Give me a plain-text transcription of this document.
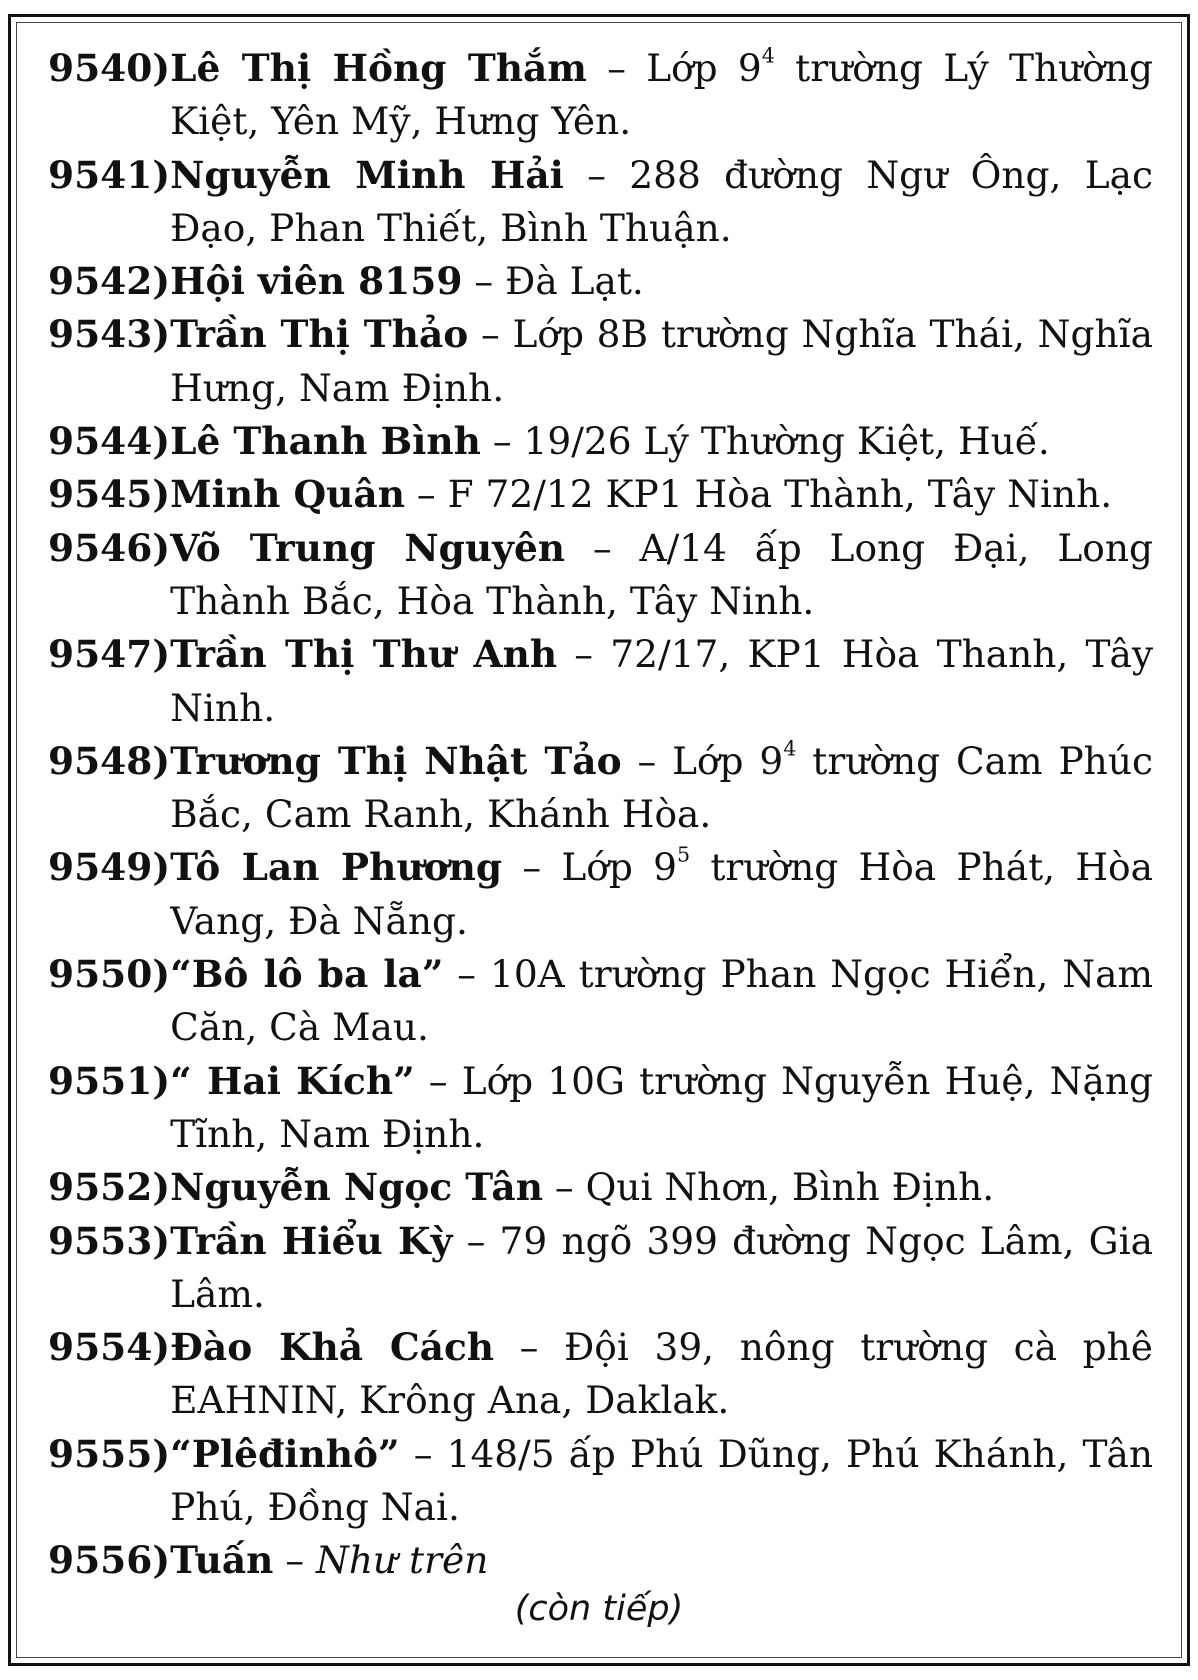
9540) Lê Thị Hồng Thắm – Lớp $9^4$ trường Lý Thường Kiệt, Yên Mỹ, Hưng Yên.
9541) Nguyễn Minh Hải – 288 đường Ngư Ông, Lạc Đạo, Phan Thiết, Bình Thuận.
9542) Hội viên 8159 – Đà Lạt.
9543) Trần Thị Thảo – Lớp 8B trường Nghĩa Thái, Nghĩa Hưng, Nam Định.
9544) Lê Thanh Bình – 19/26 Lý Thường Kiệt, Huế.
9545) Minh Quân – F 72/12 KP1 Hòa Thành, Tây Ninh.
9546) Võ Trung Nguyên – A/14 ấp Long Đại, Long Thành Bắc, Hòa Thành, Tây Ninh.
9547) Trần Thị Thư Anh – 72/17, KP1 Hòa Thanh, Tây Ninh.
9548) Trương Thị Nhật Tảo – Lớp $9^4$ trường Cam Phúc Bắc, Cam Ranh, Khánh Hòa.
9549) Tô Lan Phương – Lớp $9^5$ trường Hòa Phát, Hòa Vang, Đà Nẵng.
9550) “Bô lô ba la” – 10A trường Phan Ngọc Hiển, Nam Căn, Cà Mau.
9551) “ Hai Kích” – Lớp 10G trường Nguyễn Huệ, Nặng Tĩnh, Nam Định.
9552) Nguyễn Ngọc Tân – Qui Nhơn, Bình Định.
9553) Trần Hiểu Kỳ – 79 ngõ 399 đường Ngọc Lâm, Gia Lâm.
9554) Đào Khả Cách – Đội 39, nông trường cà phê EAHNIN, Krông Ana, Daklak.
9555) “Plêđinhô” – 148/5 ấp Phú Dũng, Phú Khánh, Tân Phú, Đồng Nai.
9556) Tuấn – Như trên
(còn tiếp)
